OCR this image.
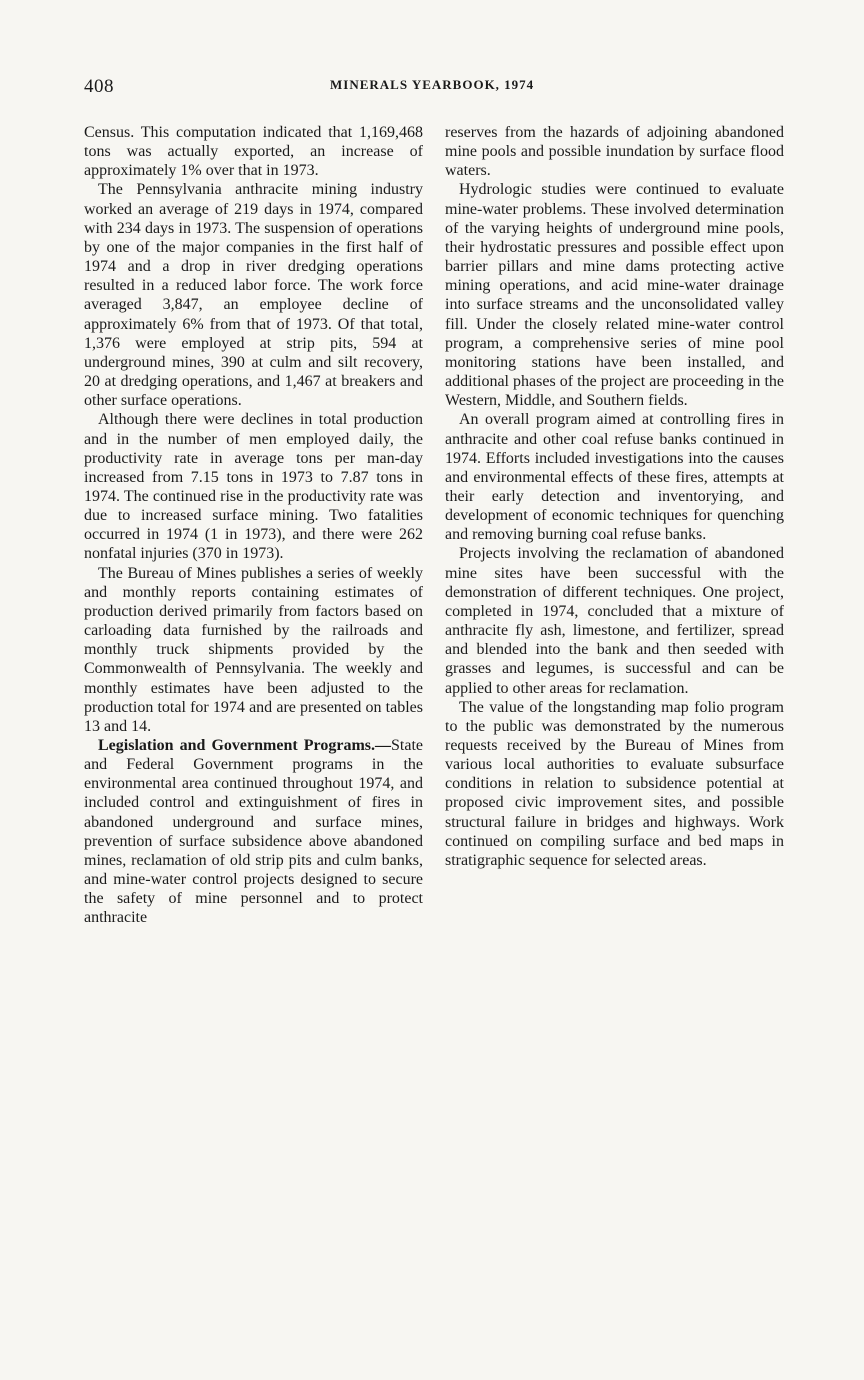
408	MINERALS YEARBOOK, 1974

Census. This computation indicated that 1,169,468 tons was actually exported, an increase of approximately 1% over that in 1973.

The Pennsylvania anthracite mining industry worked an average of 219 days in 1974, compared with 234 days in 1973. The suspension of operations by one of the major companies in the first half of 1974 and a drop in river dredging operations resulted in a reduced labor force. The work force averaged 3,847, an employee decline of approximately 6% from that of 1973. Of that total, 1,376 were employed at strip pits, 594 at underground mines, 390 at culm and silt recovery, 20 at dredging operations, and 1,467 at breakers and other surface operations.

Although there were declines in total production and in the number of men employed daily, the productivity rate in average tons per man-day increased from 7.15 tons in 1973 to 7.87 tons in 1974. The continued rise in the productivity rate was due to increased surface mining. Two fatalities occurred in 1974 (1 in 1973), and there were 262 nonfatal injuries (370 in 1973).

The Bureau of Mines publishes a series of weekly and monthly reports containing estimates of production derived primarily from factors based on carloading data furnished by the railroads and monthly truck shipments provided by the Commonwealth of Pennsylvania. The weekly and monthly estimates have been adjusted to the production total for 1974 and are presented on tables 13 and 14.

Legislation and Government Programs.—State and Federal Government programs in the environmental area continued throughout 1974, and included control and extinguishment of fires in abandoned underground and surface mines, prevention of surface subsidence above abandoned mines, reclamation of old strip pits and culm banks, and mine-water control projects designed to secure the safety of mine personnel and to protect anthracite

reserves from the hazards of adjoining abandoned mine pools and possible inundation by surface flood waters.

Hydrologic studies were continued to evaluate mine-water problems. These involved determination of the varying heights of underground mine pools, their hydrostatic pressures and possible effect upon barrier pillars and mine dams protecting active mining operations, and acid mine-water drainage into surface streams and the unconsolidated valley fill. Under the closely related mine-water control program, a comprehensive series of mine pool monitoring stations have been installed, and additional phases of the project are proceeding in the Western, Middle, and Southern fields.

An overall program aimed at controlling fires in anthracite and other coal refuse banks continued in 1974. Efforts included investigations into the causes and environmental effects of these fires, attempts at their early detection and inventorying, and development of economic techniques for quenching and removing burning coal refuse banks.

Projects involving the reclamation of abandoned mine sites have been successful with the demonstration of different techniques. One project, completed in 1974, concluded that a mixture of anthracite fly ash, limestone, and fertilizer, spread and blended into the bank and then seeded with grasses and legumes, is successful and can be applied to other areas for reclamation.

The value of the longstanding map folio program to the public was demonstrated by the numerous requests received by the Bureau of Mines from various local authorities to evaluate subsurface conditions in relation to subsidence potential at proposed civic improvement sites, and possible structural failure in bridges and highways. Work continued on compiling surface and bed maps in stratigraphic sequence for selected areas.
